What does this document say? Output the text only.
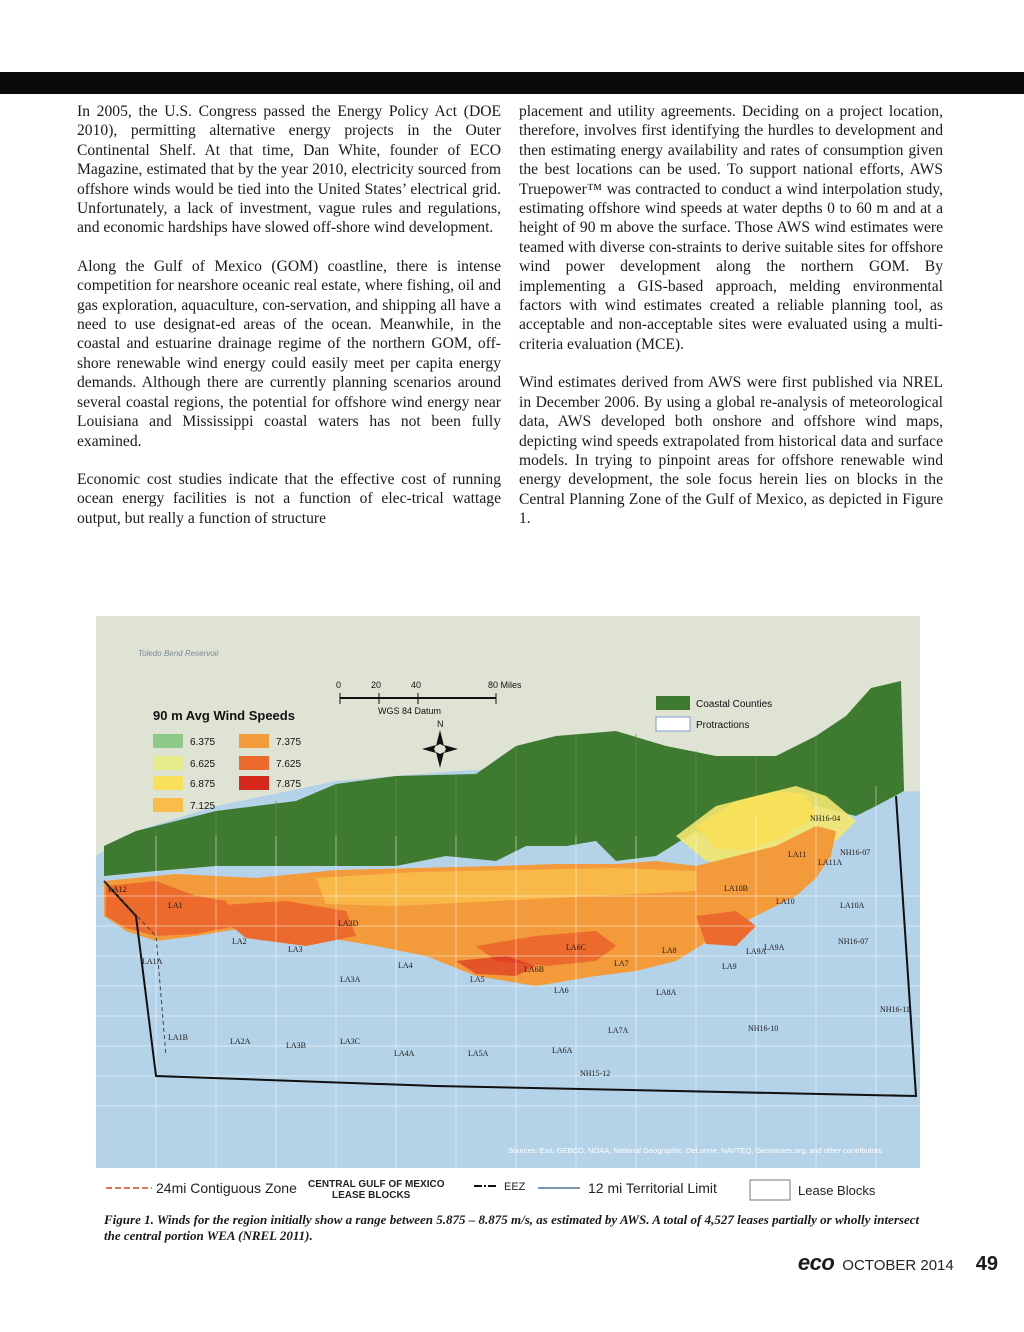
In 2005, the U.S. Congress passed the Energy Policy Act (DOE 2010), permitting alternative energy projects in the Outer Continental Shelf. At that time, Dan White, founder of ECO Magazine, estimated that by the year 2010, electricity sourced from offshore winds would be tied into the United States’ electrical grid. Unfortunately, a lack of investment, vague rules and regulations, and economic hardships have slowed off-shore wind development.

Along the Gulf of Mexico (GOM) coastline, there is intense competition for nearshore oceanic real estate, where fishing, oil and gas exploration, aquaculture, con-servation, and shipping all have a need to use designat-ed areas of the ocean. Meanwhile, in the coastal and estuarine drainage regime of the northern GOM, off-shore renewable wind energy could easily meet per capita energy demands. Although there are currently planning scenarios around several coastal regions, the potential for offshore wind energy near Louisiana and Mississippi coastal waters has not been fully examined.

Economic cost studies indicate that the effective cost of running ocean energy facilities is not a function of elec-trical wattage output, but really a function of structure

placement and utility agreements. Deciding on a project location, therefore, involves first identifying the hurdles to development and then estimating energy availability and rates of consumption given the best locations can be used. To support national efforts, AWS Truepower™ was contracted to conduct a wind interpolation study, estimating offshore wind speeds at water depths 0 to 60 m and at a height of 90 m above the surface. Those AWS wind estimates were teamed with diverse con-straints to derive suitable sites for offshore wind power development along the northern GOM. By implementing a GIS-based approach, melding environmental factors with wind estimates created a reliable planning tool, as acceptable and non-acceptable sites were evaluated using a multi-criteria evaluation (MCE).

Wind estimates derived from AWS were first published via NREL in December 2006. By using a global re-analysis of meteorological data, AWS developed both onshore and offshore wind maps, depicting wind speeds extrapolated from historical data and surface models. In trying to pinpoint areas for offshore renewable wind energy development, the sole focus herein lies on blocks in the Central Planning Zone of the Gulf of Mexico, as depicted in Figure 1.

90 m Avg Wind Speeds
6.375
6.625
6.875
7.125
7.375
7.625
7.875
0	20	40	80 Miles
WGS 84 Datum
N
Coastal Counties
Protractions
Toledo Bend Reservoir
LA12
LA1
LA1A
LA2
LA3
LA3D
LA3A
LA4
LA5
LA6B
LA6C
LA7
LA8
LA9
LA9A
LA10	LA10A
LA10B
LA11
LA11A
NH16-04
NH16-07
NH16-10
NH16-11
LA6	LA8A
LA1B	LA2A	LA3B	LA3C
LA4A	LA5A	LA6A
LA7A
NH15-12
LA9A
NH16-07
Sources: Esri, GEBCO, NOAA, National Geographic, DeLorme, NAVTEQ, Geonames.org, and other contributors
24mi Contiguous Zone CENTRAL GULF OF MEXICO
LEASE BLOCKS
EEZ	12 mi Territorial Limit	Lease Blocks
Figure 1. Winds for the region initially show a range between 5.875 – 8.875 m/s, as estimated by AWS. A total of 4,527 leases partially or wholly intersect the central portion WEA (NREL 2011).
eco OCTOBER 2014 49
